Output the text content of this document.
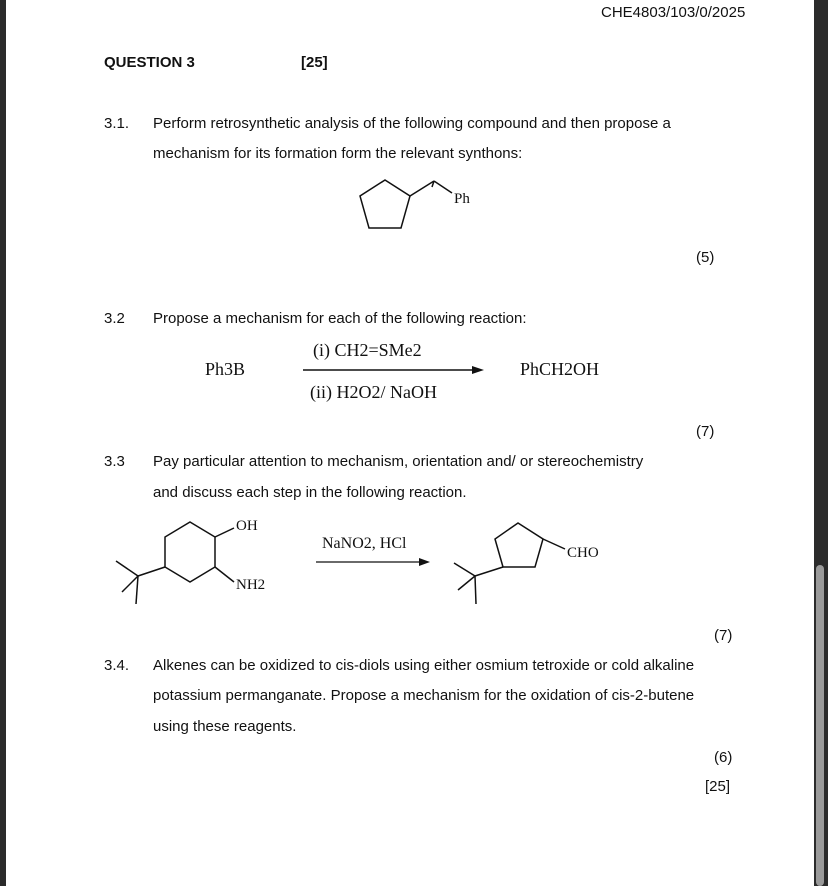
CHE4803/103/0/2025
QUESTION 3	[25]
3.1. Perform retrosynthetic analysis of the following compound and then propose a
mechanism for its formation form the relevant synthons:
Ph
(5)
3.2 Propose a mechanism for each of the following reaction:
Ph3B
(i) CH2=SMe2
(ii) H2O2/ NaOH
PhCH2OH
(7)
3.3 Pay particular attention to mechanism, orientation and/ or stereochemistry
and discuss each step in the following reaction.
OH
NH2
NaNO2, HCl
CHO
(7)
3.4. Alkenes can be oxidized to cis-diols using either osmium tetroxide or cold alkaline
potassium permanganate. Propose a mechanism for the oxidation of cis-2-butene
using these reagents.
(6)
[25]
